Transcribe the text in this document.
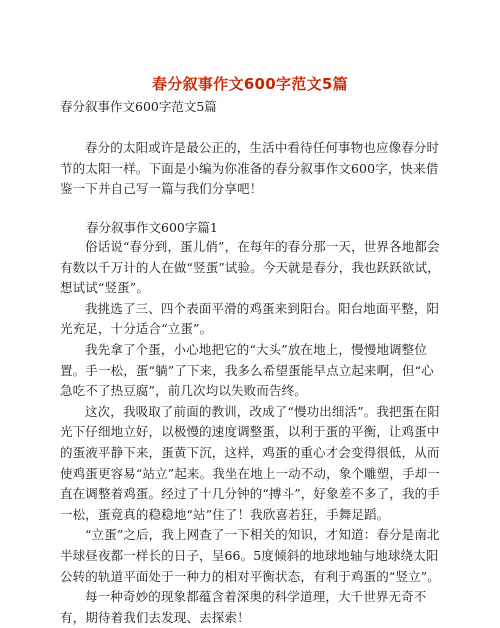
春分叙事作文600字范文5篇
春分叙事作文600字范文5篇

春分的太阳或许是最公正的，生活中看待任何事物也应像春分时节的太阳一样。下面是小编为你准备的春分叙事作文600字，快来借鉴一下并自己写一篇与我们分享吧！

春分叙事作文600字篇1

俗话说“春分到，蛋儿俏”，在每年的春分那一天，世界各地都会有数以千万计的人在做“竖蛋”试验。今天就是春分，我也跃跃欲试，想试试“竖蛋”。

我挑选了三、四个表面平滑的鸡蛋来到阳台。阳台地面平整，阳光充足，十分适合“立蛋”。

我先拿了个蛋，小心地把它的“大头”放在地上，慢慢地调整位置。手一松，蛋“躺”了下来，我多么希望蛋能早点立起来啊，但“心急吃不了热豆腐”，前几次均以失败而告终。

这次，我吸取了前面的教训，改成了“慢功出细活”。我把蛋在阳光下仔细地立好，以极慢的速度调整蛋，以利于蛋的平衡，让鸡蛋中的蛋液平静下来，蛋黄下沉，这样，鸡蛋的重心才会变得很低，从而使鸡蛋更容易“站立”起来。我坐在地上一动不动，象个雕塑，手却一直在调整着鸡蛋。经过了十几分钟的“搏斗”，好象差不多了，我的手一松，蛋竟真的稳稳地“站”住了！我欣喜若狂，手舞足蹈。

“立蛋”之后，我上网查了一下相关的知识，才知道：春分是南北半球昼夜都一样长的日子，呈66。5度倾斜的地球地轴与地球绕太阳公转的轨道平面处于一种力的相对平衡状态，有利于鸡蛋的“竖立”。

每一种奇妙的现象都蕴含着深奥的科学道理，大千世界无奇不有，期待着我们去发现、去探索！
